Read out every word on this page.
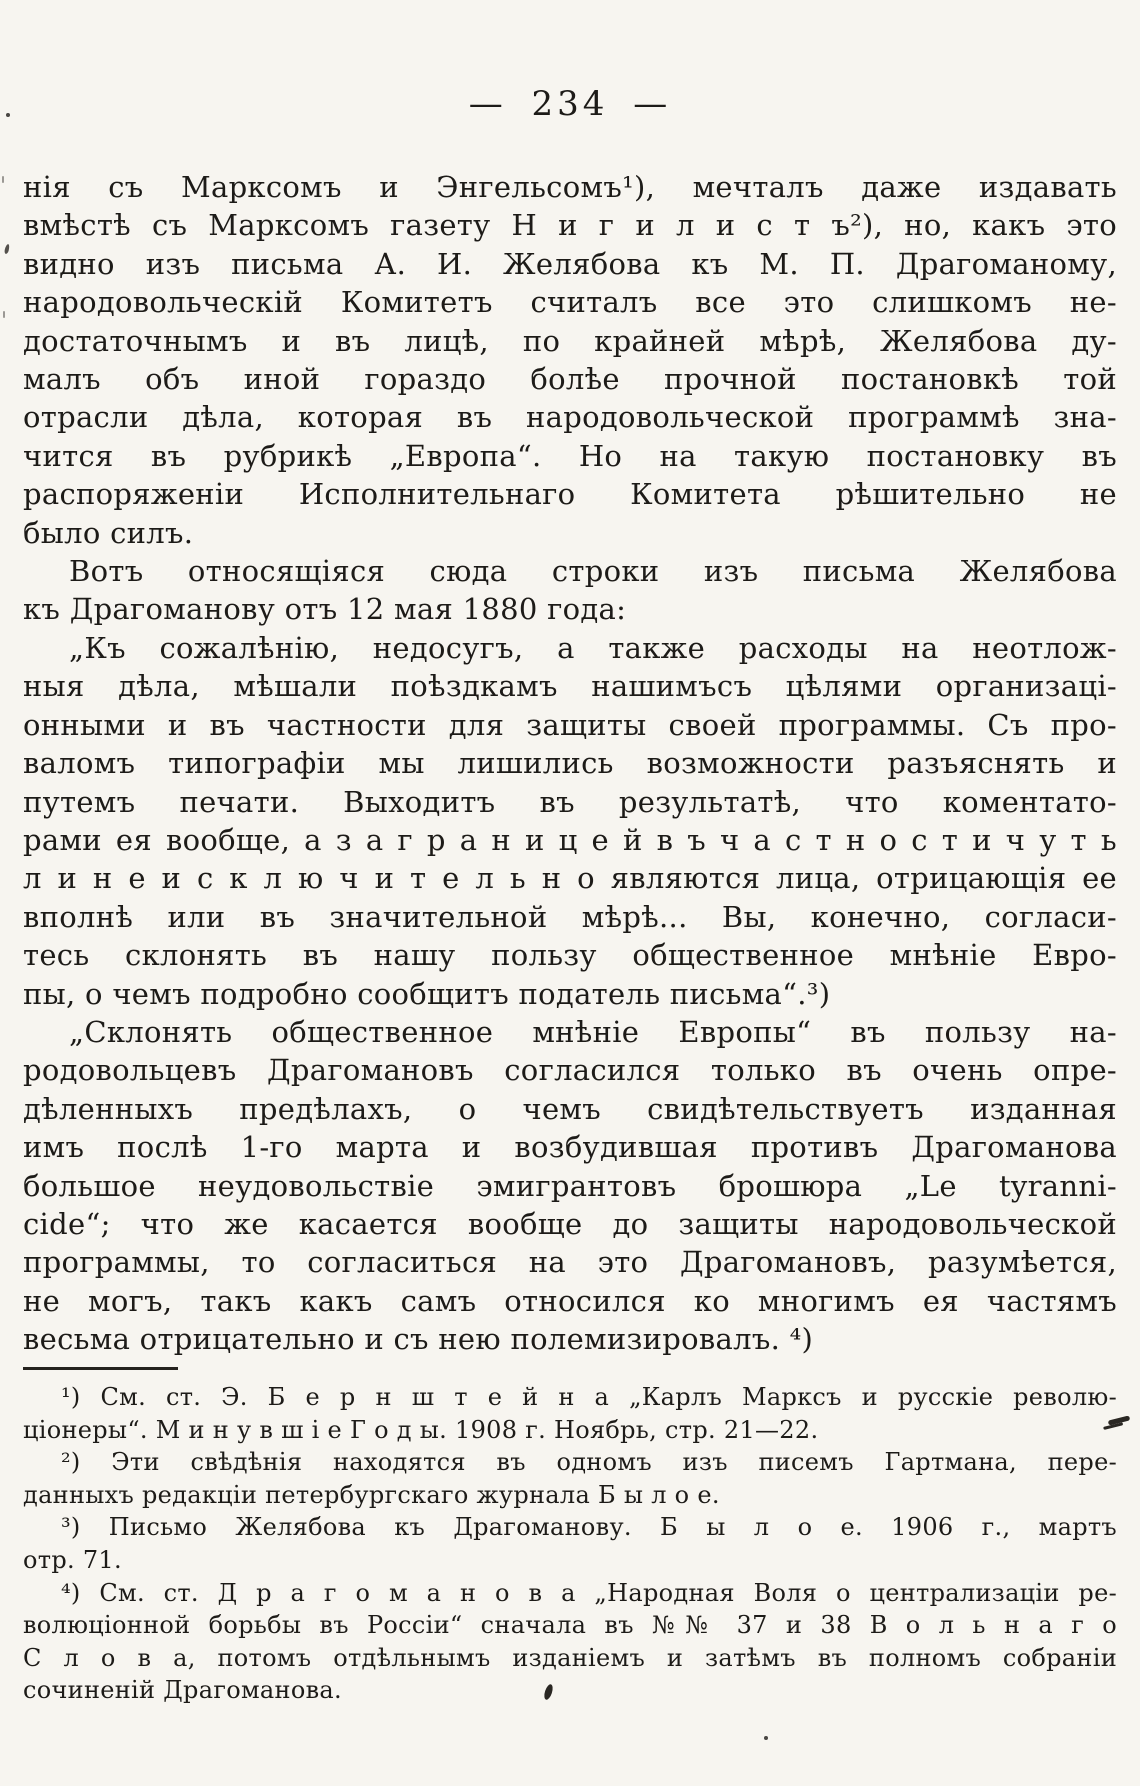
— 234 —
нія съ Марксомъ и Энгельсомъ¹), мечталъ даже издавать
вмѣстѣ съ Марксомъ газету Н и г и л и с т ъ²), но, какъ это
видно изъ письма А. И. Желябова къ М. П. Драгоманому,
народовольческій Комитетъ считалъ все это слишкомъ не-
достаточнымъ и въ лицѣ, по крайней мѣрѣ, Желябова ду-
малъ объ иной гораздо болѣе прочной постановкѣ той
отрасли дѣла, которая въ народовольческой программѣ зна-
чится въ рубрикѣ „Европа“. Но на такую постановку въ
распоряженіи Исполнительнаго Комитета рѣшительно не
было силъ.
Вотъ относящіяся сюда строки изъ письма Желябова
къ Драгоманову отъ 12 мая 1880 года:
„Къ сожалѣнію, недосугъ, а также расходы на неотлож-
ныя дѣла, мѣшали поѣздкамъ нашимъсъ цѣлями организаці-
онными и въ частности для защиты своей программы. Съ про-
валомъ типографіи мы лишились возможности разъяснять и
путемъ печати. Выходитъ въ результатѣ, что коментато-
рами ея вообще, а з а г р а н и ц е й в ъ ч а с т н о с т и ч у т ь
л и н е и с к л ю ч и т е л ь н о являются лица, отрицающія ее
вполнѣ или въ значительной мѣрѣ... Вы, конечно, согласи-
тесь склонять въ нашу пользу общественное мнѣніе Евро-
пы, о чемъ подробно сообщитъ податель письма“.³)
„Склонять общественное мнѣніе Европы“ въ пользу на-
родовольцевъ Драгомановъ согласился только въ очень опре-
дѣленныхъ предѣлахъ, о чемъ свидѣтельствуетъ изданная
имъ послѣ 1-го марта и возбудившая противъ Драгоманова
большое неудовольствіе эмигрантовъ брошюра „Le tyranni-
cide“; что же касается вообще до защиты народовольческой
программы, то согласиться на это Драгомановъ, разумѣется,
не могъ, такъ какъ самъ относился ко многимъ ея частямъ
весьма отрицательно и съ нею полемизировалъ. ⁴)
¹) См. ст. Э. Б е р н ш т е й н а „Карлъ Марксъ и русскіе револю-
ціонеры“. М и н у в ш і е Г о д ы. 1908 г. Ноябрь, стр. 21—22.
²) Эти свѣдѣнія находятся въ одномъ изъ писемъ Гартмана, пере-
данныхъ редакціи петербургскаго журнала Б ы л о е.
³) Письмо Желябова къ Драгоманову. Б ы л о е. 1906 г., мартъ
отр. 71.
⁴) См. ст. Д р а г о м а н о в а „Народная Воля о централизаціи ре-
волюціонной борьбы въ Россіи“ сначала въ №№ 37 и 38 В о л ь н а г о
С л о в а, потомъ отдѣльнымъ изданіемъ и затѣмъ въ полномъ собраніи
сочиненій Драгоманова.
